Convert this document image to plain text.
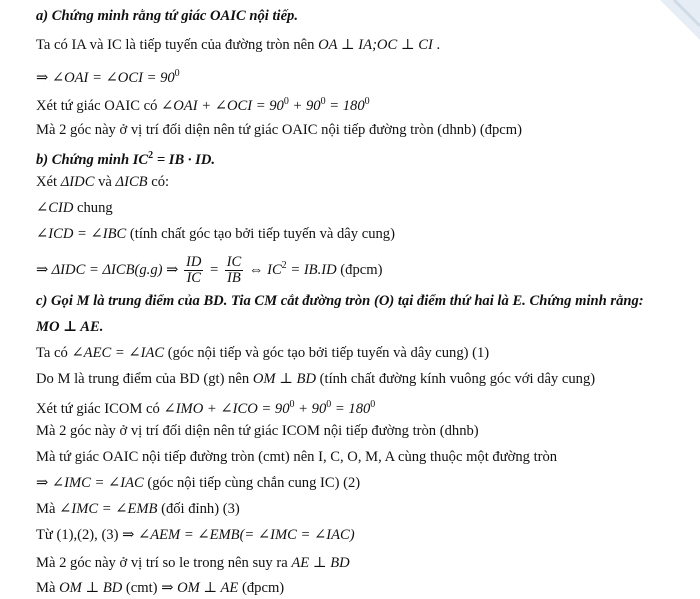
a) Chứng minh rằng tứ giác OAIC nội tiếp.
Ta có IA và IC là tiếp tuyến của đường tròn nên OA ⊥ IA;OC ⊥ CI .
⇒ ∠OAI = ∠OCI = $90^0$
Xét tứ giác OAIC có ∠OAI + ∠OCI = $90^0 + 90^0 = 180^0$
Mà 2 góc này ở vị trí đối diện nên tứ giác OAIC nội tiếp đường tròn (dhnb) (đpcm)
b) Chứng minh $IC^2$ = IB · ID.
Xét ΔIDC và ΔICB có:
∠CID chung
∠ICD = ∠IBC (tính chất góc tạo bởi tiếp tuyến và dây cung)
⇒ ΔIDC = ΔICB(g.g) ⇒ $\frac{ID}{IC} = \frac{IC}{IB}$ ⇔ $IC^2 = IB.ID$ (đpcm)
c) Gọi M là trung điểm của BD. Tia CM cắt đường tròn (O) tại điểm thứ hai là E. Chứng minh rằng:
MO ⊥ AE.
Ta có ∠AEC = ∠IAC (góc nội tiếp và góc tạo bởi tiếp tuyến và dây cung) (1)
Do M là trung điểm của BD (gt) nên OM ⊥ BD (tính chất đường kính vuông góc với dây cung)
Xét tứ giác ICOM có ∠IMO + ∠ICO = $90^0 + 90^0 = 180^0$
Mà 2 góc này ở vị trí đối diện nên tứ giác ICOM nội tiếp đường tròn (dhnb)
Mà tứ giác OAIC nội tiếp đường tròn (cmt) nên I, C, O, M, A cùng thuộc một đường tròn
⇒ ∠IMC = ∠IAC (góc nội tiếp cùng chắn cung IC) (2)
Mà ∠IMC = ∠EMB (đối đỉnh) (3)
Từ (1),(2), (3) ⇒ ∠AEM = ∠EMB(= ∠IMC = ∠IAC)
Mà 2 góc này ở vị trí so le trong nên suy ra AE ⊥ BD
Mà OM ⊥ BD (cmt) ⇒ OM ⊥ AE (đpcm)
